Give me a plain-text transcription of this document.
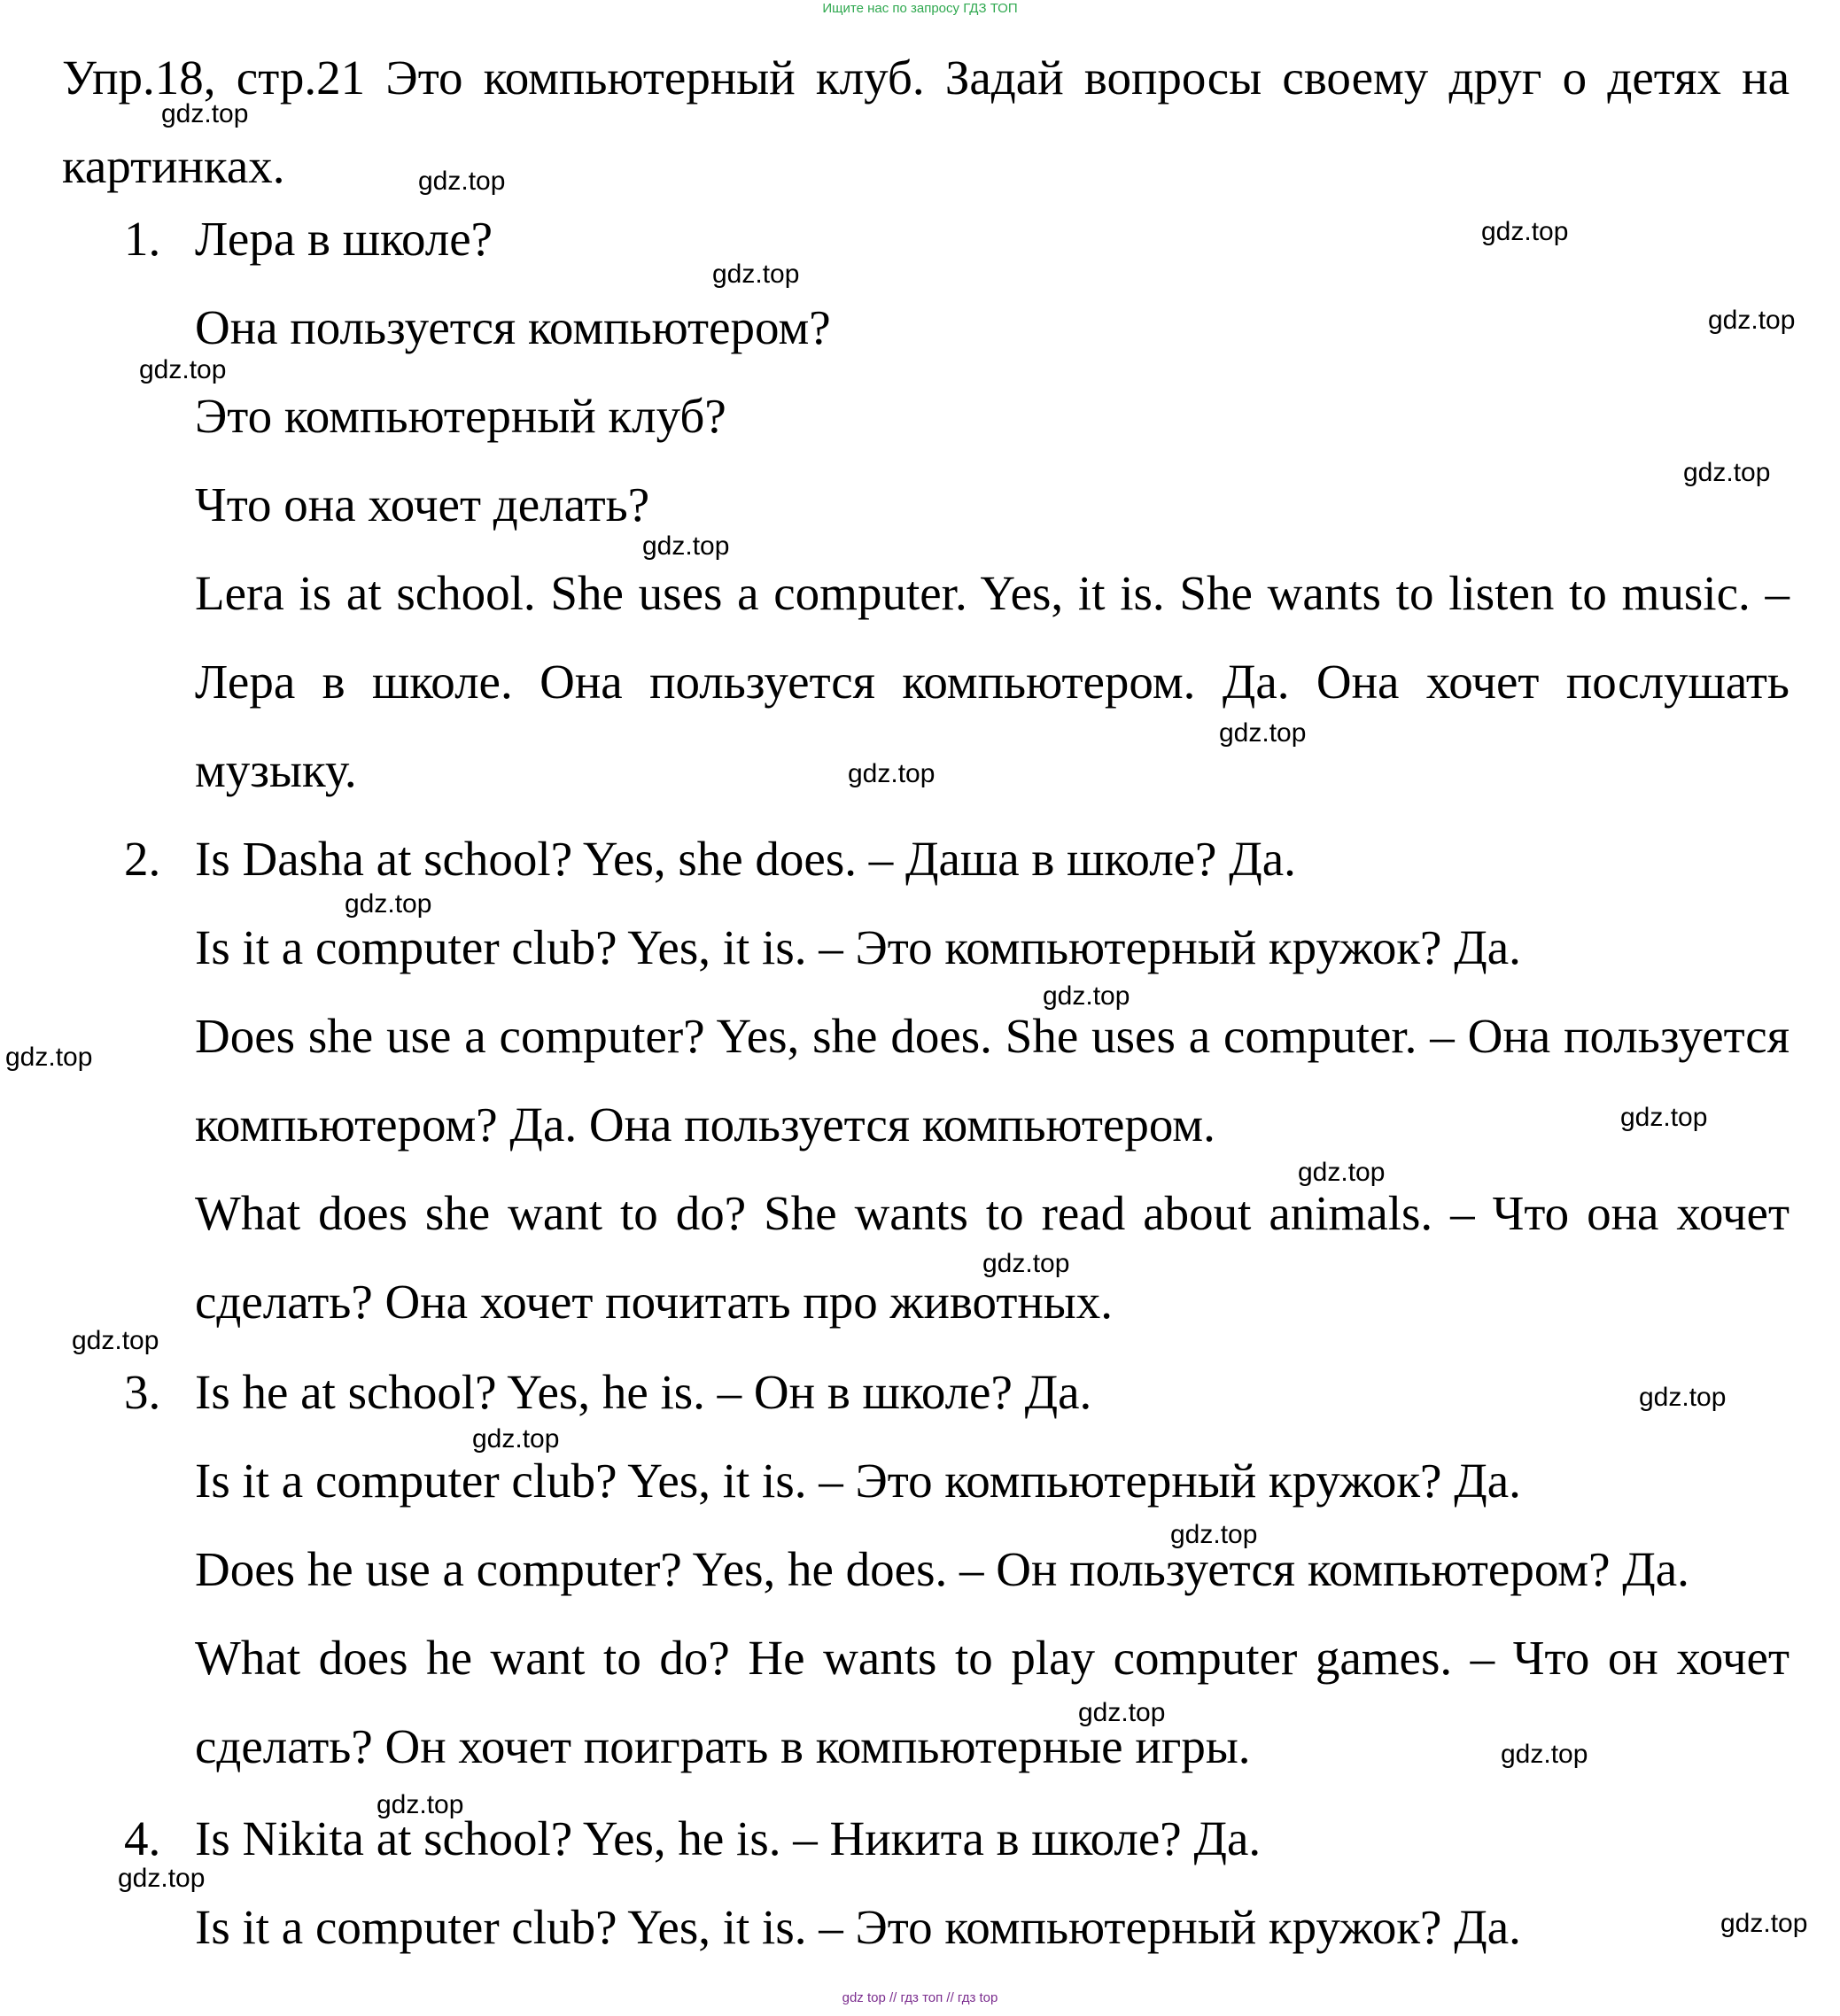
Ищите нас по запросу ГДЗ ТОП
Упр.18, стр.21 Это компьютерный клуб. Задай вопросы своему друг о детях на картинках.
1. Лера в школе?
Она пользуется компьютером?
Это компьютерный клуб?
Что она хочет делать?
Lera is at school. She uses a computer. Yes, it is. She wants to listen to music. – Лера в школе. Она пользуется компьютером. Да. Она хочет послушать музыку.
2. Is Dasha at school? Yes, she does. – Даша в школе? Да.
Is it a computer club? Yes, it is. – Это компьютерный кружок? Да.
Does she use a computer? Yes, she does. She uses a computer. – Она пользуется компьютером? Да. Она пользуется компьютером.
What does she want to do? She wants to read about animals. – Что она хочет сделать? Она хочет почитать про животных.
3. Is he at school? Yes, he is. – Он в школе? Да.
Is it a computer club? Yes, it is. – Это компьютерный кружок? Да.
Does he use a computer? Yes, he does. – Он пользуется компьютером? Да.
What does he want to do? He wants to play computer games. – Что он хочет сделать? Он хочет поиграть в компьютерные игры.
4. Is Nikita at school? Yes, he is. – Никита в школе? Да.
Is it a computer club? Yes, it is. – Это компьютерный кружок? Да.
gdz.top
gdz.top
gdz.top
gdz.top
gdz.top
gdz.top
gdz.top
gdz.top
gdz.top
gdz.top
gdz.top
gdz.top
gdz.top
gdz.top
gdz.top
gdz.top
gdz.top
gdz.top
gdz.top
gdz.top
gdz.top
gdz.top
gdz.top
gdz.top
gdz.top
gdz top // гдз топ // гдз top
